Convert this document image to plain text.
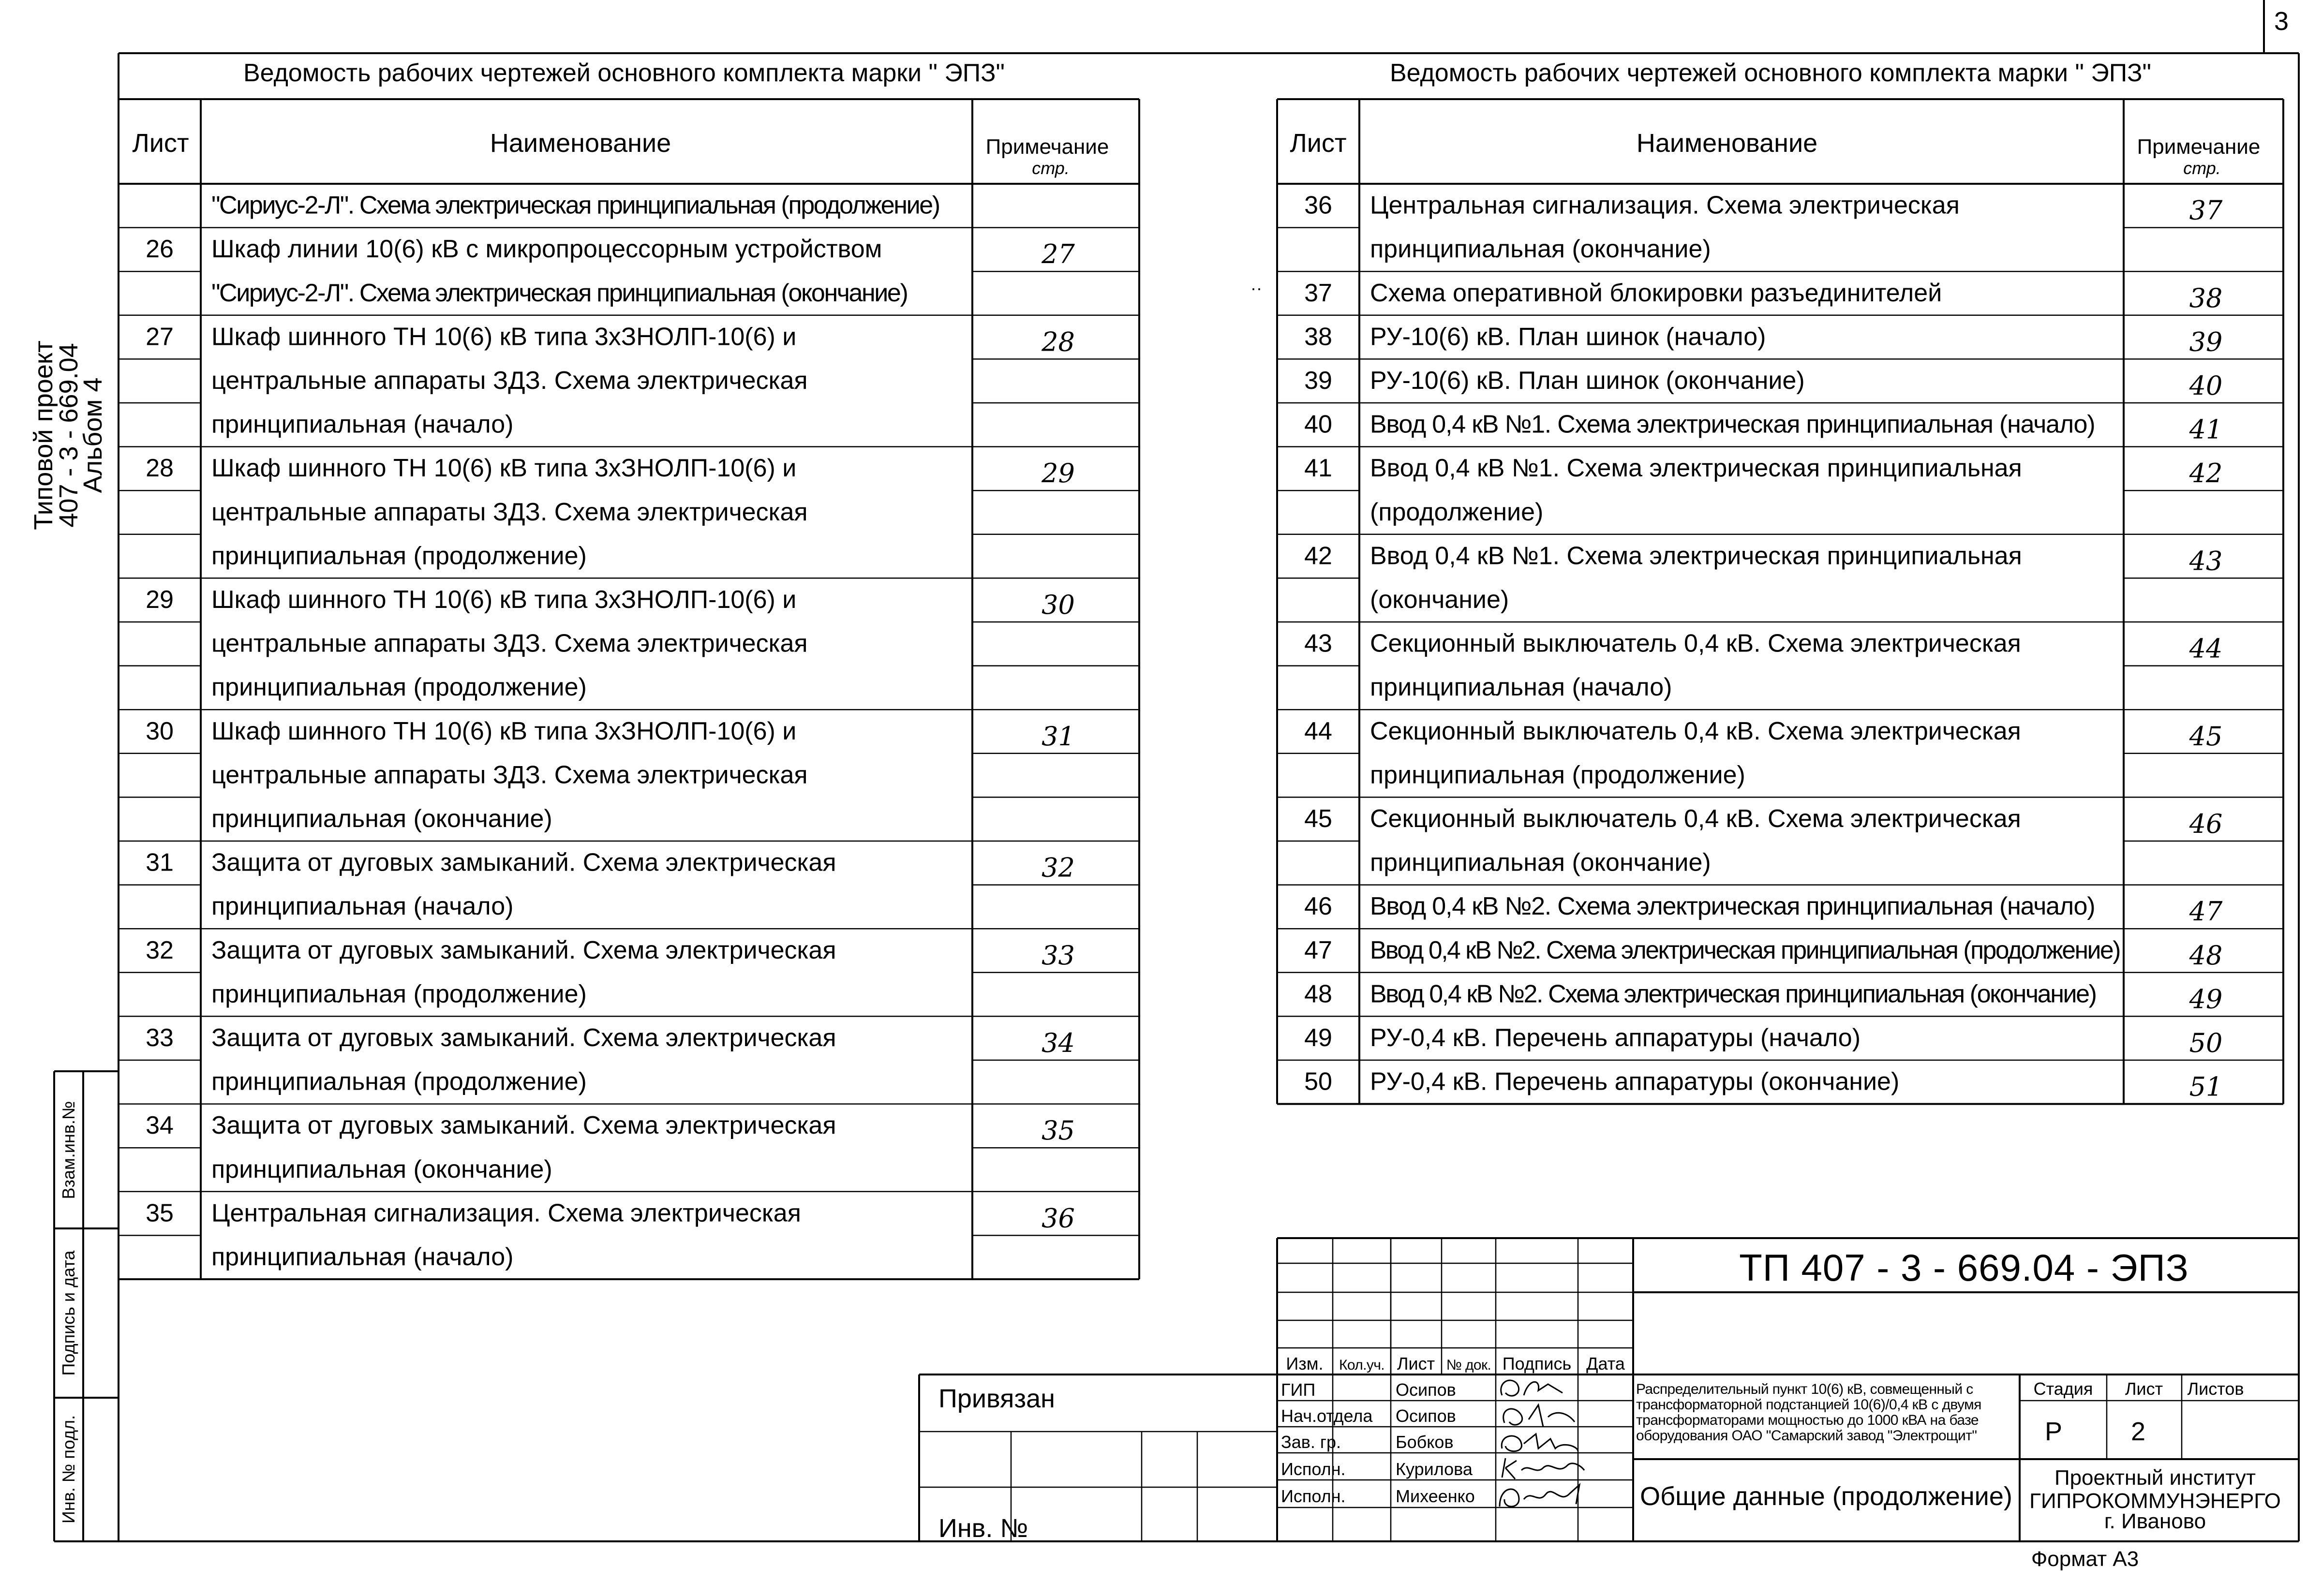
3
Типовой проект
407 - 3 - 669.04
Альбом 4
Взам.инв.№
Подпись и дата
Инв. № подл.
Ведомость рабочих чертежей основного комплекта марки " ЭПЗ"	Ведомость рабочих чертежей основного комплекта марки " ЭПЗ"
Лист	Наименование	Примечание
стр.
"Сириус-2-Л". Схема электрическая принципиальная (продолжение)
26 Шкаф линии 10(6) кВ с микропроцессорным устройством	27
"Сириус-2-Л". Схема электрическая принципиальная (окончание)
27 Шкаф шинного ТН 10(6) кВ типа 3хЗНОЛП-10(6) и	28
центральные аппараты ЗДЗ. Схема электрическая
принципиальная (начало)
28 Шкаф шинного ТН 10(6) кВ типа 3хЗНОЛП-10(6) и	29
центральные аппараты ЗДЗ. Схема электрическая
принципиальная (продолжение)
29 Шкаф шинного ТН 10(6) кВ типа 3хЗНОЛП-10(6) и	30
центральные аппараты ЗДЗ. Схема электрическая
принципиальная (продолжение)
30 Шкаф шинного ТН 10(6) кВ типа 3хЗНОЛП-10(6) и	31
центральные аппараты ЗДЗ. Схема электрическая
принципиальная (окончание)
31 Защита от дуговых замыканий. Схема электрическая	32
принципиальная (начало)
32 Защита от дуговых замыканий. Схема электрическая	33
принципиальная (продолжение)
33 Защита от дуговых замыканий. Схема электрическая	34
принципиальная (продолжение)
34 Защита от дуговых замыканий. Схема электрическая	35
принципиальная (окончание)
35 Центральная сигнализация. Схема электрическая	36
принципиальная (начало)
Лист	Наименование	Примечание
стр.
36 Центральная сигнализация. Схема электрическая	37
принципиальная (окончание)
37 Схема оперативной блокировки разъединителей	38
38 РУ-10(6) кВ. План шинок (начало)	39
39 РУ-10(6) кВ. План шинок (окончание)	40
40 Ввод 0,4 кВ №1. Схема электрическая принципиальная (начало)	41
41 Ввод 0,4 кВ №1. Схема электрическая принципиальная	42
(продолжение)
42 Ввод 0,4 кВ №1. Схема электрическая принципиальная	43
(окончание)
43 Секционный выключатель 0,4 кВ. Схема электрическая	44
принципиальная (начало)
44 Секционный выключатель 0,4 кВ. Схема электрическая	45
принципиальная (продолжение)
45 Секционный выключатель 0,4 кВ. Схема электрическая	46
принципиальная (окончание)
46 Ввод 0,4 кВ №2. Схема электрическая принципиальная (начало)	47
47 Ввод 0,4 кВ №2. Схема электрическая принципиальная (продолжение)	48
48 Ввод 0,4 кВ №2. Схема электрическая принципиальная (окончание)	49
49 РУ-0,4 кВ. Перечень аппаратуры (начало)	50
50 РУ-0,4 кВ. Перечень аппаратуры (окончание)	51
··
ТП 407 - 3 - 669.04 - ЭПЗ
Привязан
Инв. №
Изм. Кол.уч. Лист № док. Подпись Дата
ГИП	Осипов
Нач.отдела Осипов
Зав. гр.	Бобков
Исполн.	Курилова
Исполн.	Михеенко
Распределительный пункт 10(6) кВ, совмещенный с
трансформаторной подстанцией 10(6)/0,4 кВ с двумя
трансформаторами мощностью до 1000 кВА на базе
оборудования ОАО "Самарский завод "Электрощит"
Стадия Лист Листов
Р	2
Общие данные (продолжение)
Проектный институт
ГИПРОКОММУНЭНЕРГО
г. Иваново
Формат А3
